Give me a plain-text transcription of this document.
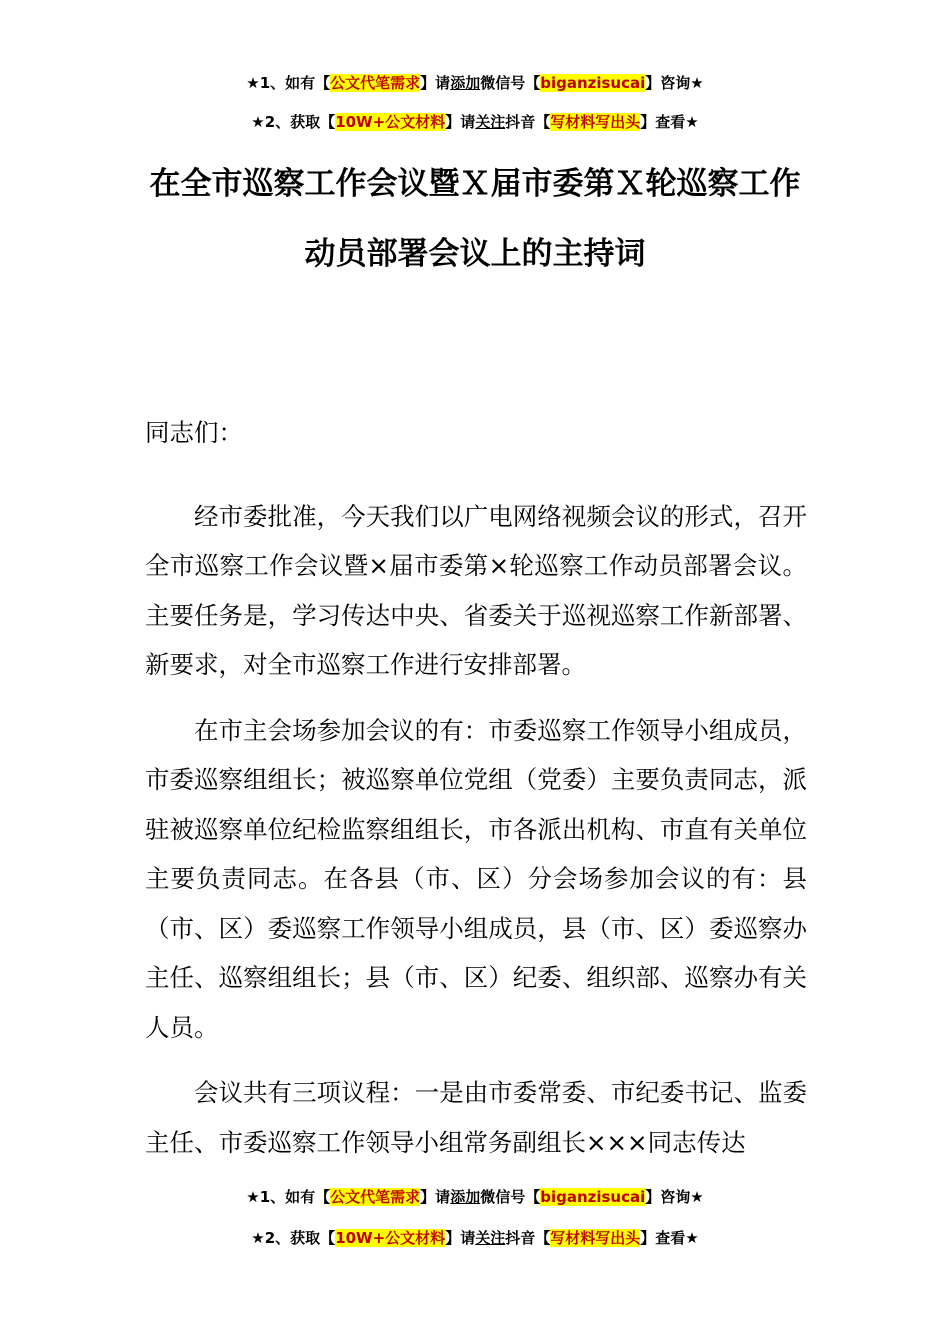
★1、如有【公文代笔需求】请添加微信号【biganzisucai】咨询★
★2、获取【10W+公文材料】请关注抖音【写材料写出头】查看★
在全市巡察工作会议暨Ｘ届市委第Ｘ轮巡察工作
动员部署会议上的主持词

同志们：

经市委批准，今天我们以广电网络视频会议的形式，召开全市巡察工作会议暨×届市委第×轮巡察工作动员部署会议。主要任务是，学习传达中央、省委关于巡视巡察工作新部署、新要求，对全市巡察工作进行安排部署。

在市主会场参加会议的有：市委巡察工作领导小组成员，市委巡察组组长；被巡察单位党组（党委）主要负责同志，派驻被巡察单位纪检监察组组长，市各派出机构、市直有关单位主要负责同志。在各县（市、区）分会场参加会议的有：县（市、区）委巡察工作领导小组成员，县（市、区）委巡察办主任、巡察组组长；县（市、区）纪委、组织部、巡察办有关人员。

会议共有三项议程：一是由市委常委、市纪委书记、监委主任、市委巡察工作领导小组常务副组长×××同志传达

★1、如有【公文代笔需求】请添加微信号【biganzisucai】咨询★
★2、获取【10W+公文材料】请关注抖音【写材料写出头】查看★
